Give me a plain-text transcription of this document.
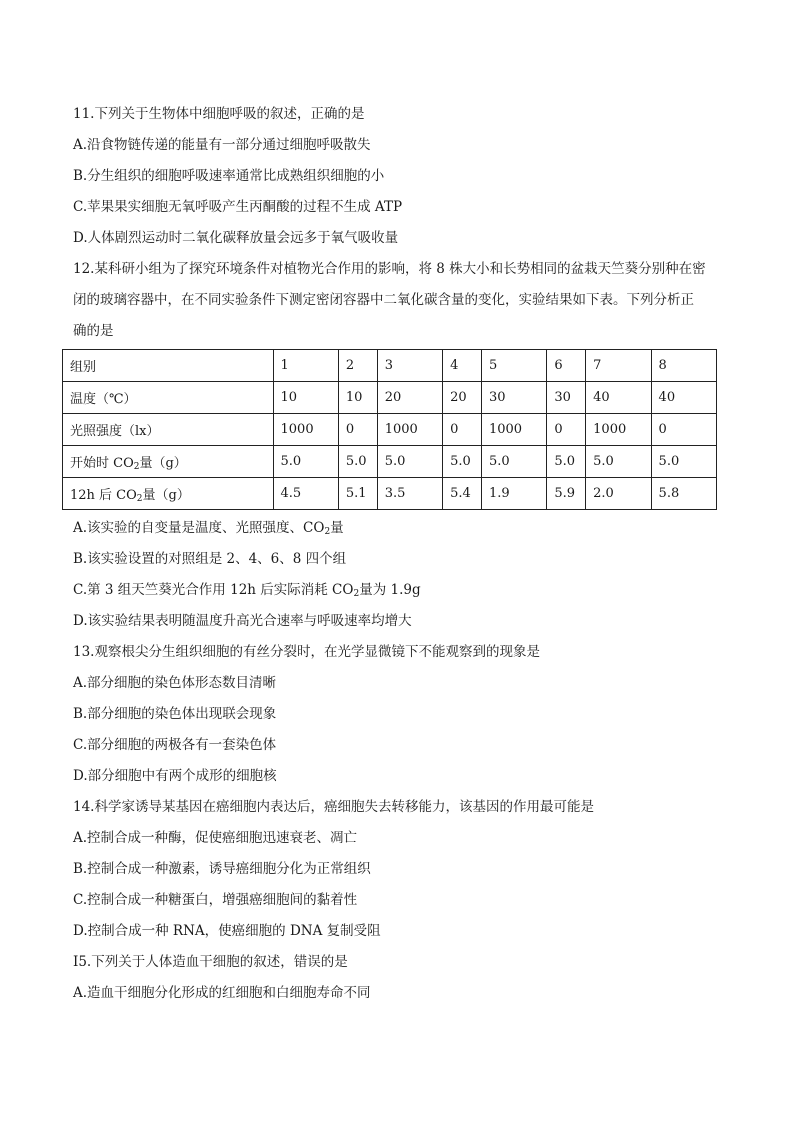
11.下列关于生物体中细胞呼吸的叙述，正确的是
A.沿食物链传递的能量有一部分通过细胞呼吸散失
B.分生组织的细胞呼吸速率通常比成熟组织细胞的小
C.苹果果实细胞无氧呼吸产生丙酮酸的过程不生成 ATP
D.人体剧烈运动时二氧化碳释放量会远多于氧气吸收量
12.某科研小组为了探究环境条件对植物光合作用的影响，将 8 株大小和长势相同的盆栽天竺葵分别种在密
闭的玻璃容器中，在不同实验条件下测定密闭容器中二氧化碳含量的变化，实验结果如下表。下列分析正
确的是
组别	1	2	3	4	5	6	7	8
温度（℃）	10	10	20	20	30	30	40	40
光照强度（lx）	1000	0	1000	0	1000	0	1000	0
开始时 $CO_2$量（g）	5.0	5.0	5.0	5.0	5.0	5.0	5.0	5.0
12h 后 $CO_2$量（g）	4.5	5.1	3.5	5.4	1.9	5.9	2.0	5.8
A.该实验的自变量是温度、光照强度、$CO_2$量
B.该实验设置的对照组是 2、4、6、8 四个组
C.第 3 组天竺葵光合作用 12h 后实际消耗 $CO_2$量为 1.9g
D.该实验结果表明随温度升高光合速率与呼吸速率均增大
13.观察根尖分生组织细胞的有丝分裂时，在光学显微镜下不能观察到的现象是
A.部分细胞的染色体形态数目清晰
B.部分细胞的染色体出现联会现象
C.部分细胞的两极各有一套染色体
D.部分细胞中有两个成形的细胞核
14.科学家诱导某基因在癌细胞内表达后，癌细胞失去转移能力，该基因的作用最可能是
A.控制合成一种酶，促使癌细胞迅速衰老、凋亡
B.控制合成一种激素，诱导癌细胞分化为正常组织
C.控制合成一种糖蛋白，增强癌细胞间的黏着性
D.控制合成一种 RNA，使癌细胞的 DNA 复制受阻
I5.下列关于人体造血干细胞的叙述，错误的是
A.造血干细胞分化形成的红细胞和白细胞寿命不同
